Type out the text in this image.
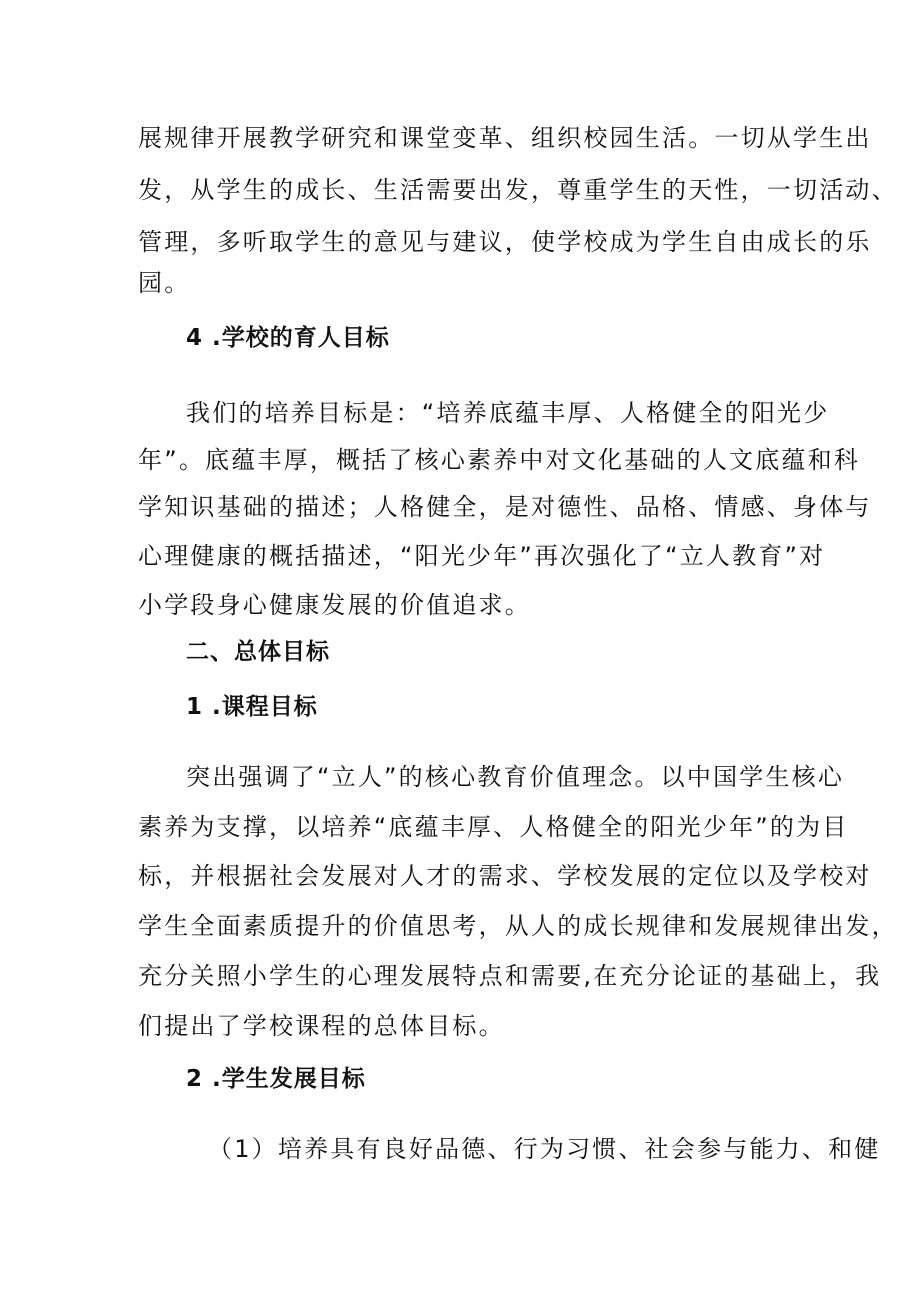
展规律开展教学研究和课堂变革、组织校园生活。一切从学生出
发，从学生的成长、生活需要出发，尊重学生的天性，一切活动、
管理，多听取学生的意见与建议，使学校成为学生自由成长的乐
园。
4 .学校的育人目标
我们的培养目标是：“培养底蕴丰厚、人格健全的阳光少
年”。底蕴丰厚，概括了核心素养中对文化基础的人文底蕴和科
学知识基础的描述；人格健全，是对德性、品格、情感、身体与
心理健康的概括描述，“阳光少年”再次强化了“立人教育”对
小学段身心健康发展的价值追求。
二、总体目标
1 .课程目标
突出强调了“立人”的核心教育价值理念。以中国学生核心
素养为支撑，以培养“底蕴丰厚、人格健全的阳光少年”的为目
标，并根据社会发展对人才的需求、学校发展的定位以及学校对
学生全面素质提升的价值思考，从人的成长规律和发展规律出发，
充分关照小学生的心理发展特点和需要,在充分论证的基础上，我
们提出了学校课程的总体目标。
2 .学生发展目标
（1）培养具有良好品德、行为习惯、社会参与能力、和健
